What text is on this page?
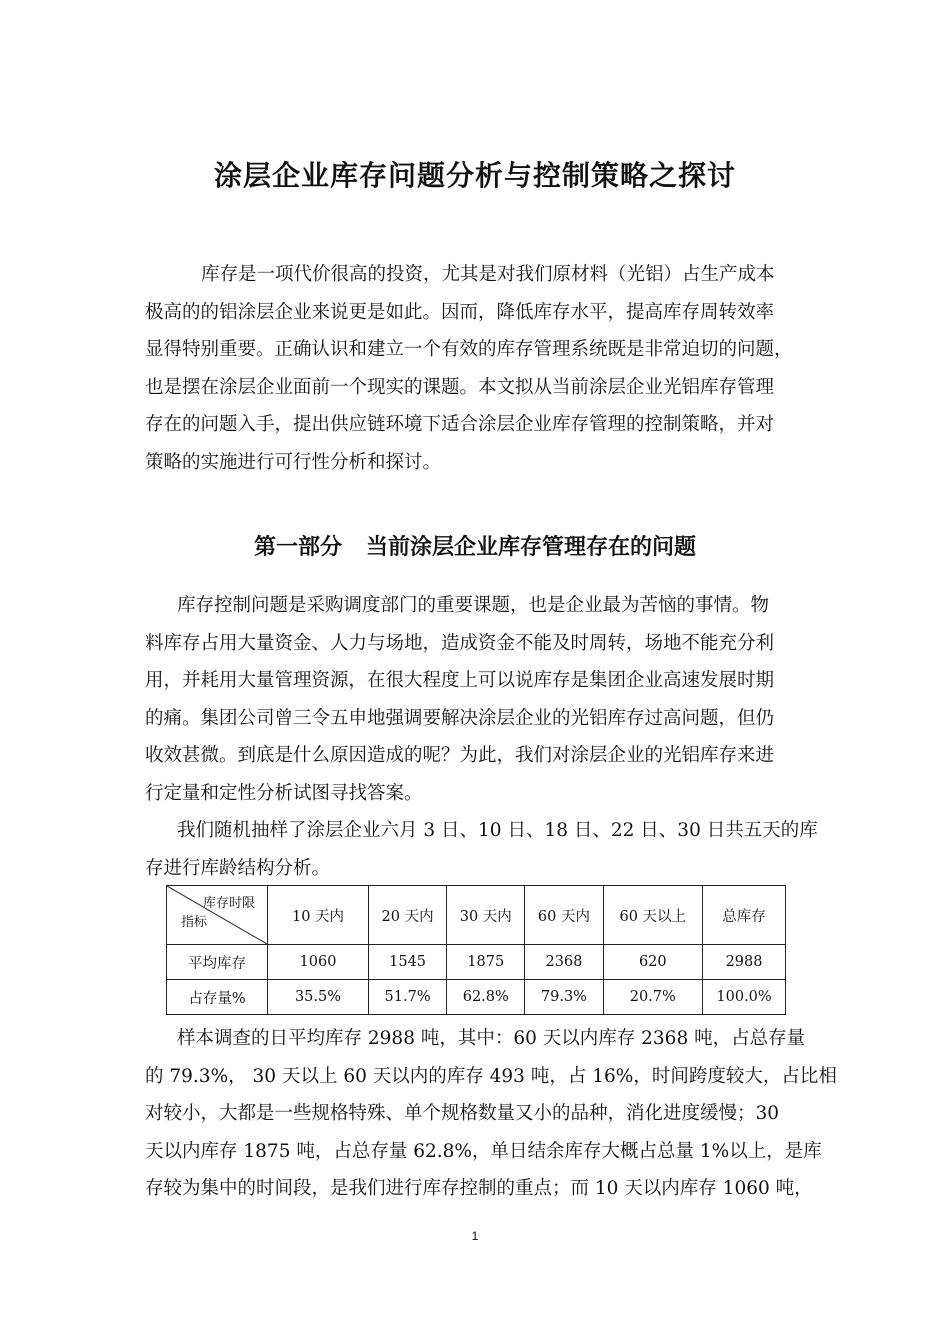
涂层企业库存问题分析与控制策略之探讨
库存是一项代价很高的投资，尤其是对我们原材料（光铝）占生产成本
极高的的铝涂层企业来说更是如此。因而，降低库存水平，提高库存周转效率
显得特别重要。正确认识和建立一个有效的库存管理系统既是非常迫切的问题，
也是摆在涂层企业面前一个现实的课题。本文拟从当前涂层企业光铝库存管理
存在的问题入手，提出供应链环境下适合涂层企业库存管理的控制策略，并对
策略的实施进行可行性分析和探讨。
第一部分 当前涂层企业库存管理存在的问题
库存控制问题是采购调度部门的重要课题，也是企业最为苦恼的事情。物
料库存占用大量资金、人力与场地，造成资金不能及时周转，场地不能充分利
用，并耗用大量管理资源，在很大程度上可以说库存是集团企业高速发展时期
的痛。集团公司曾三令五申地强调要解决涂层企业的光铝库存过高问题，但仍
收效甚微。到底是什么原因造成的呢？为此，我们对涂层企业的光铝库存来进
行定量和定性分析试图寻找答案。
我们随机抽样了涂层企业六月 3 日、10 日、18 日、22 日、30 日共五天的库
存进行库龄结构分析。
库存时限
指标	10 天内	20 天内	30 天内	60 天内	60 天以上	总库存
平均库存	1060	1545	1875	2368	620	2988
占存量%	35.5%	51.7%	62.8%	79.3%	20.7%	100.0%
样本调查的日平均库存 2988 吨，其中：60 天以内库存 2368 吨，占总存量
的 79.3%， 30 天以上 60 天以内的库存 493 吨，占 16%，时间跨度较大，占比相
对较小，大都是一些规格特殊、单个规格数量又小的品种，消化进度缓慢；30
天以内库存 1875 吨，占总存量 62.8%，单日结余库存大概占总量 1%以上，是库
存较为集中的时间段，是我们进行库存控制的重点；而 10 天以内库存 1060 吨，
1
